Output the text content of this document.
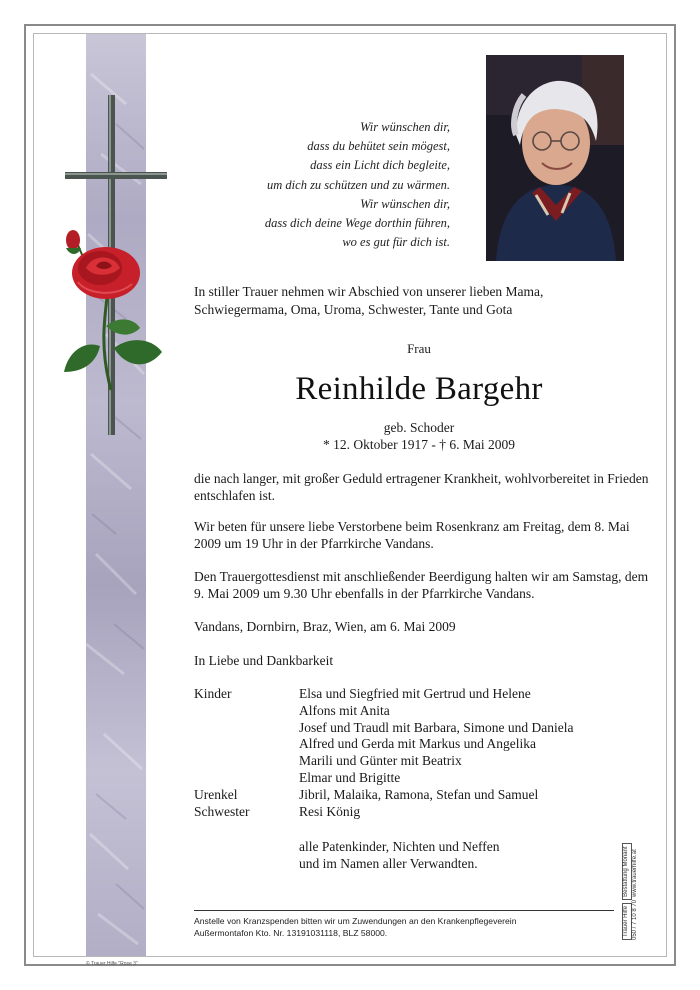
Wir wünschen dir,
dass du behütet sein mögest,
dass ein Licht dich begleite,
um dich zu schützen und zu wärmen.
Wir wünschen dir,
dass dich deine Wege dorthin führen,
wo es gut für dich ist.
In stiller Trauer nehmen wir Abschied von unserer lieben Mama, Schwiegermama, Oma, Uroma, Schwester, Tante und Gota
Frau
Reinhilde Bargehr
geb. Schoder
* 12. Oktober 1917 - † 6. Mai 2009
die nach langer, mit großer Geduld ertragener Krankheit, wohlvorbereitet in Frieden entschlafen ist.
Wir beten für unsere liebe Verstorbene beim Rosenkranz am Freitag, dem 8. Mai 2009 um 19 Uhr in der Pfarrkirche Vandans.
Den Trauergottesdienst mit anschließender Beerdigung halten wir am Samstag, dem 9. Mai 2009 um 9.30 Uhr ebenfalls in der Pfarrkirche Vandans.
Vandans, Dornbirn, Braz, Wien, am 6. Mai 2009
In Liebe und Dankbarkeit
Kinder	Elsa und Siegfried mit Gertrud und Helene
Alfons mit Anita
Josef und Traudl mit Barbara, Simone und Daniela
Alfred und Gerda mit Markus und Angelika
Marili und Günter mit Beatrix
Elmar und Brigitte
Urenkel	Jibril, Malaika, Ramona, Stefan und Samuel
Schwester	Resi König
alle Patenkinder, Nichten und Neffen
und im Namen aller Verwandten.
Anstelle von Kranzspenden bitten wir um Zuwendungen an den Krankenpflegeverein
Außermontafon Kto. Nr. 13191031118, BLZ 58000.	Trauer Hilfe
Bestattung Monant
050 / 7 10 8 70
www.trauerhilfe.at
© Trauer Hilfe "Rose 3"
